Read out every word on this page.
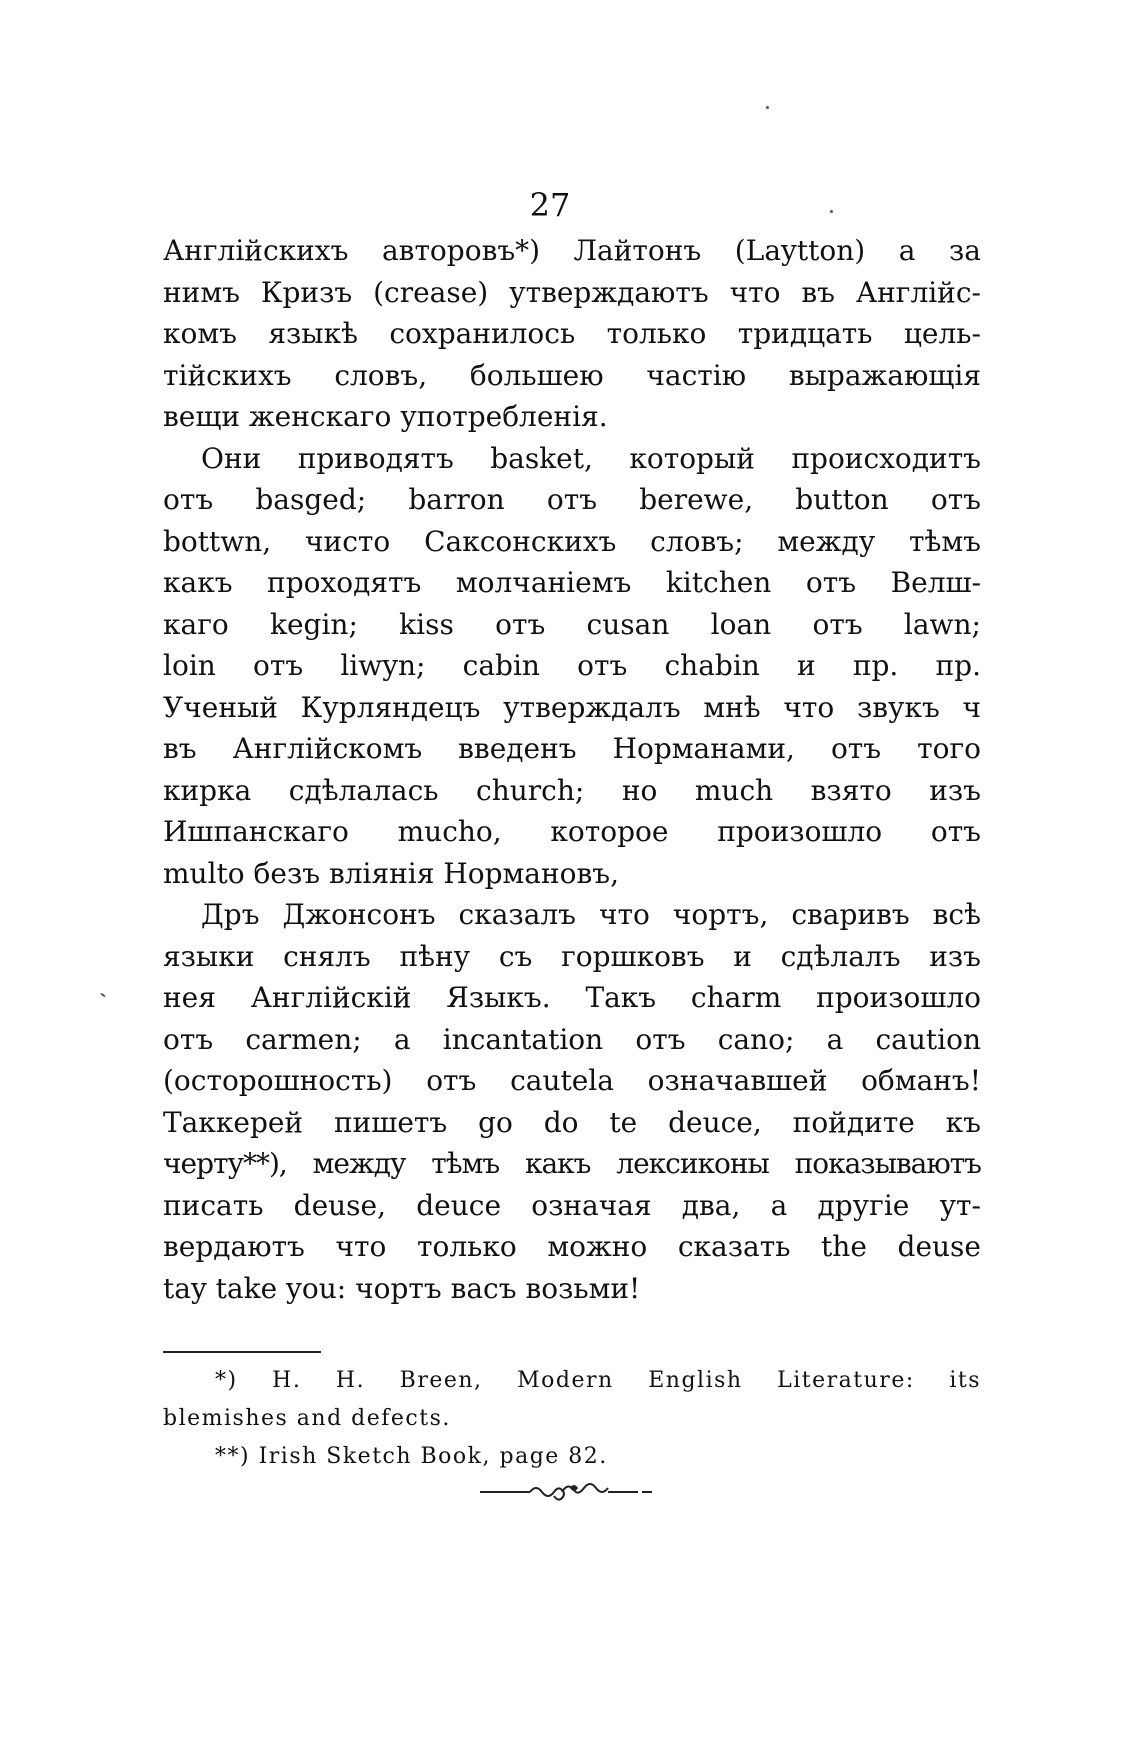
27
Англійскихъ авторовъ*) Лайтонъ (Laytton) а за
нимъ Кризъ (crease) утверждаютъ что въ Англійс-
комъ языкѣ сохранилось только тридцать цель-
тійскихъ словъ, большею частію выражающія
вещи женскаго употребленія.
Они приводятъ basket, который происходитъ
отъ basged; barron отъ berewe, button отъ
bottwn, чисто Саксонскихъ словъ; между тѣмъ
какъ проходятъ молчаніемъ kitchen отъ Велш-
каго kegin; kiss отъ cusan loan отъ lawn;
loin отъ liwyn; cabin отъ chabin и пр. пр.
Ученый Курляндецъ утверждалъ мнѣ что звукъ ч
въ Англійскомъ введенъ Норманами, отъ того
кирка сдѣлалась church; но much взято изъ
Ишпанскаго mucho, которое произошло отъ
multo безъ вліянія Нормановъ,
Дръ Джонсонъ сказалъ что чортъ, сваривъ всѣ
языки снялъ пѣну съ горшковъ и сдѣлалъ изъ
нея Англійскій Языкъ. Такъ charm произошло
отъ carmen; a incantation отъ cano; a caution
(осторошность) отъ cautela означавшей обманъ!
Таккерей пишетъ go do te deuce, пойдите къ
черту**), между тѣмъ какъ лексиконы показываютъ
писать deuse, deuce означая два, а другіе ут-
вердаютъ что только можно сказать the deuse
tay take you: чортъ васъ возьми!
*) H. H. Breen, Modern English Literature: its
blemishes and defects.
**) Irish Sketch Book, page 82.
